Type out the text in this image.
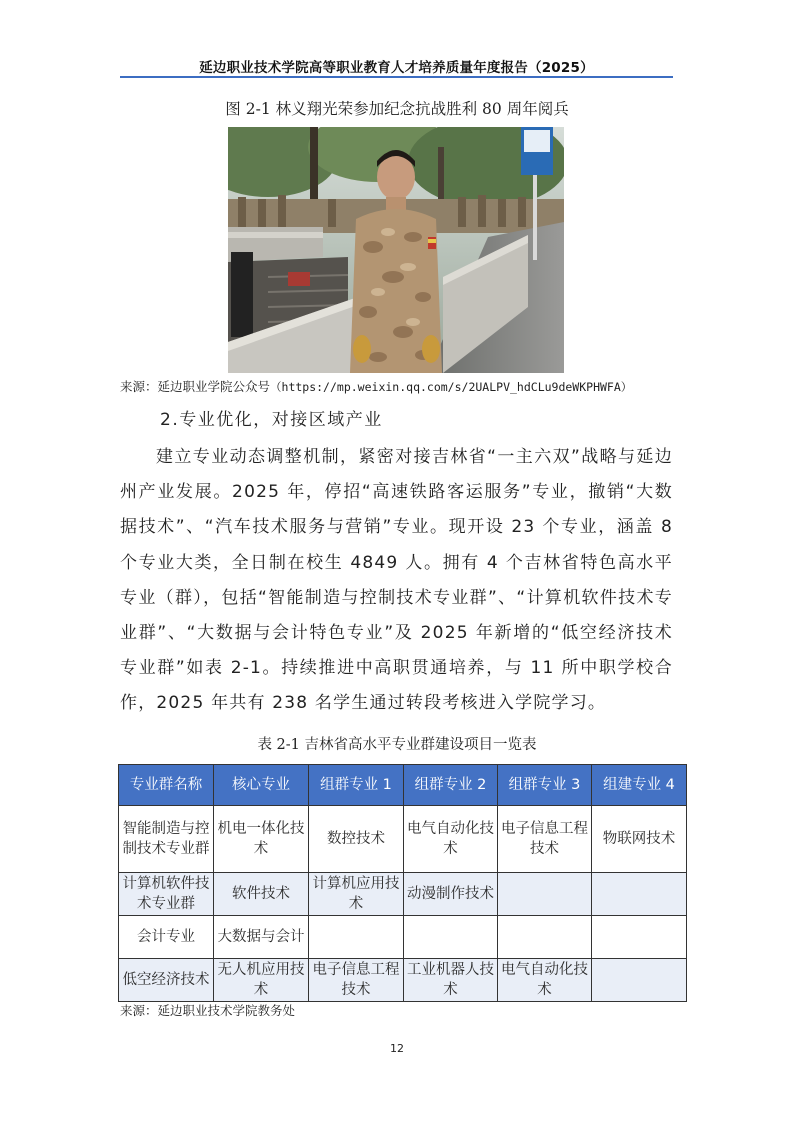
延边职业技术学院高等职业教育人才培养质量年度报告（2025）
图 2-1 林义翔光荣参加纪念抗战胜利 80 周年阅兵
来源：延边职业学院公众号（https://mp.weixin.qq.com/s/2UALPV_hdCLu9deWKPHWFA）
2.专业优化，对接区域产业
建立专业动态调整机制，紧密对接吉林省“一主六双”战略与延边州产业发展。2025 年，停招“高速铁路客运服务”专业，撤销“大数据技术”、“汽车技术服务与营销”专业。现开设 23 个专业，涵盖 8 个专业大类，全日制在校生 4849 人。拥有 4 个吉林省特色高水平专业（群），包括“智能制造与控制技术专业群”、“计算机软件技术专业群”、“大数据与会计特色专业”及 2025 年新增的“低空经济技术专业群”如表 2-1。持续推进中高职贯通培养，与 11 所中职学校合作，2025 年共有 238 名学生通过转段考核进入学院学习。
表 2-1 吉林省高水平专业群建设项目一览表
专业群名称	核心专业	组群专业 1	组群专业 2	组群专业 3	组建专业 4
智能制造与控制技术专业群	机电一体化技术	数控技术	电气自动化技术	电子信息工程技术	物联网技术
计算机软件技术专业群	软件技术	计算机应用技术	动漫制作技术		
会计专业	大数据与会计				
低空经济技术	无人机应用技术	电子信息工程技术	工业机器人技术	电气自动化技术	
来源：延边职业技术学院教务处
12
